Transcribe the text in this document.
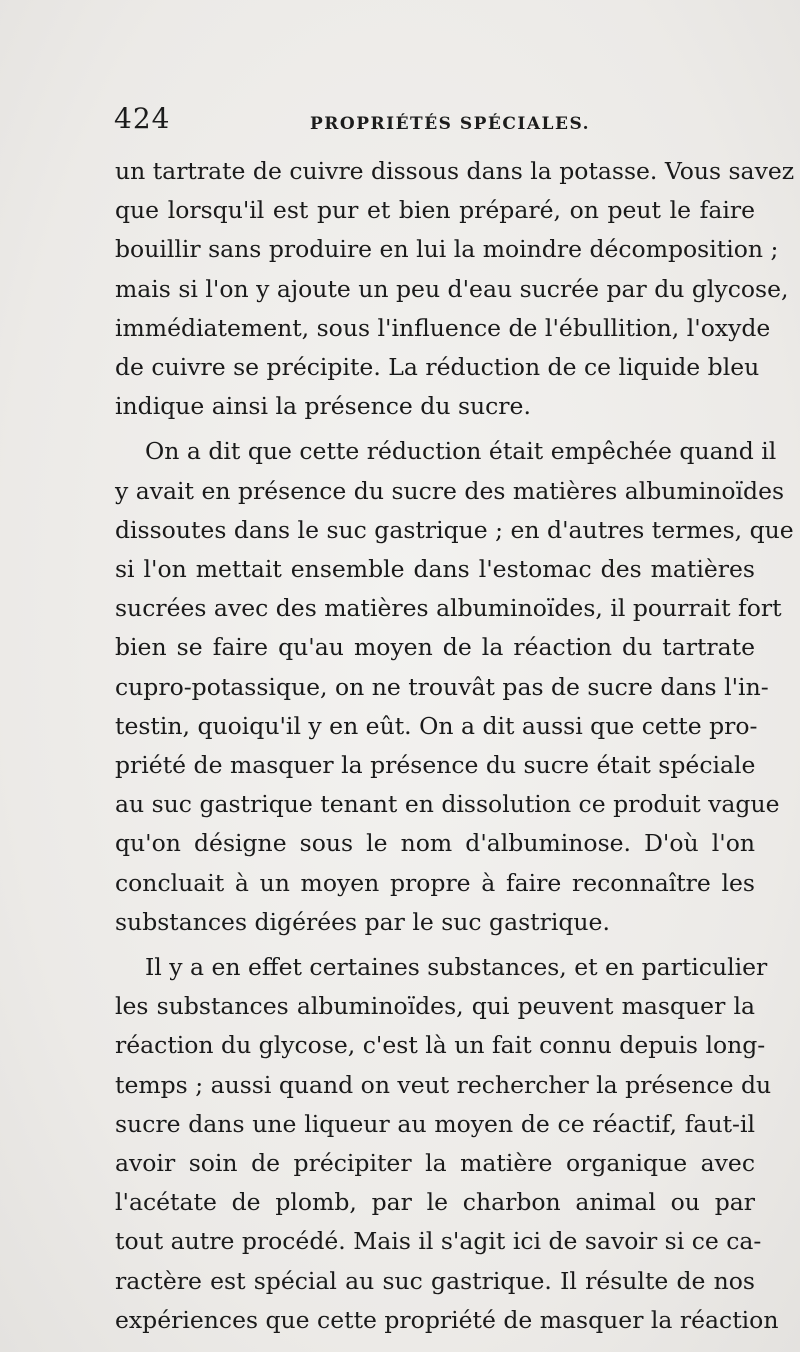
424	PROPRIÉTÉS SPÉCIALES.
un tartrate de cuivre dissous dans la potasse. Vous savez
que lorsqu'il est pur et bien préparé, on peut le faire
bouillir sans produire en lui la moindre décomposition ;
mais si l'on y ajoute un peu d'eau sucrée par du glycose,
immédiatement, sous l'influence de l'ébullition, l'oxyde
de cuivre se précipite. La réduction de ce liquide bleu
indique ainsi la présence du sucre.
On a dit que cette réduction était empêchée quand il
y avait en présence du sucre des matières albuminoïdes
dissoutes dans le suc gastrique ; en d'autres termes, que
si l'on mettait ensemble dans l'estomac des matières
sucrées avec des matières albuminoïdes, il pourrait fort
bien se faire qu'au moyen de la réaction du tartrate
cupro-potassique, on ne trouvât pas de sucre dans l'in-
testin, quoiqu'il y en eût. On a dit aussi que cette pro-
priété de masquer la présence du sucre était spéciale
au suc gastrique tenant en dissolution ce produit vague
qu'on désigne sous le nom d'albuminose. D'où l'on
concluait à un moyen propre à faire reconnaître les
substances digérées par le suc gastrique.
Il y a en effet certaines substances, et en particulier
les substances albuminoïdes, qui peuvent masquer la
réaction du glycose, c'est là un fait connu depuis long-
temps ; aussi quand on veut rechercher la présence du
sucre dans une liqueur au moyen de ce réactif, faut-il
avoir soin de précipiter la matière organique avec
l'acétate de plomb, par le charbon animal ou par
tout autre procédé. Mais il s'agit ici de savoir si ce ca-
ractère est spécial au suc gastrique. Il résulte de nos
expériences que cette propriété de masquer la réaction
